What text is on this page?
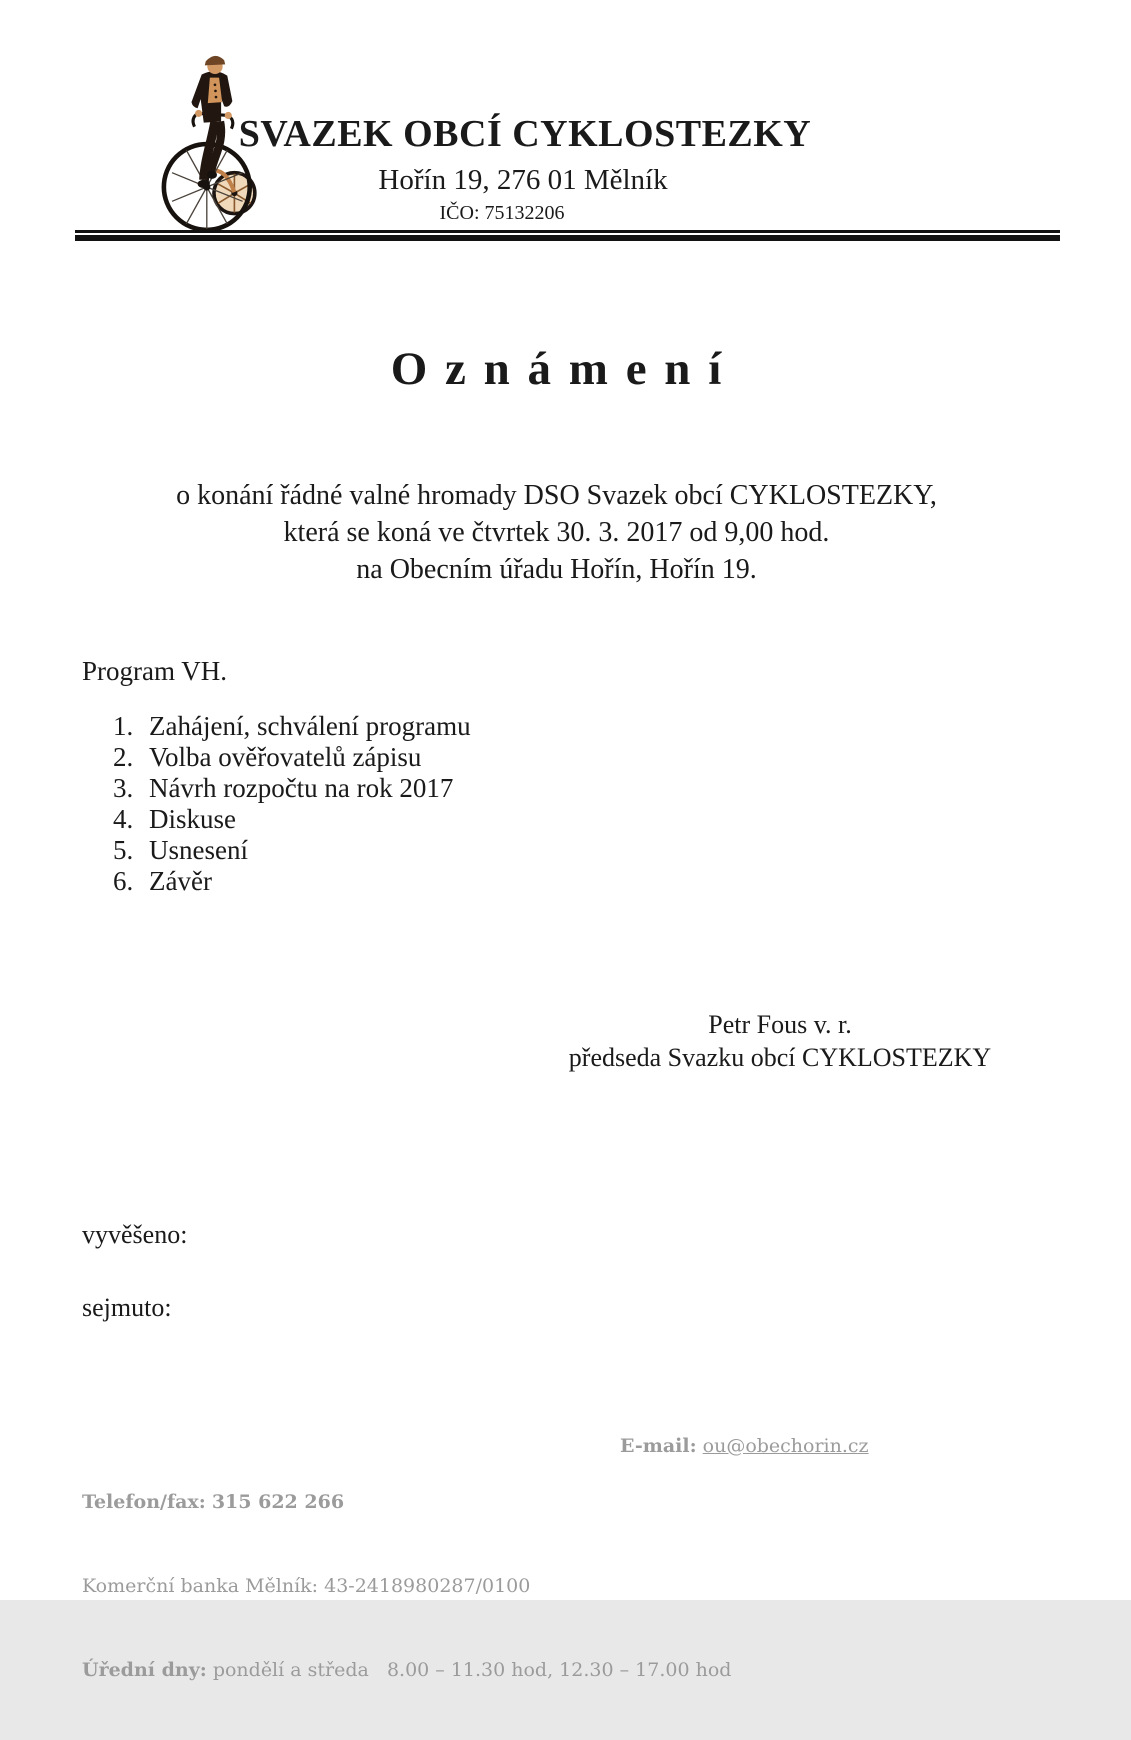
SVAZEK OBCÍ CYKLOSTEZKY
Hořín 19, 276 01 Mělník
IČO: 75132206
O z n á m e n í
o konání řádné valné hromady DSO Svazek obcí CYKLOSTEZKY,
která se koná ve čtvrtek 30. 3. 2017 od 9,00 hod.
na Obecním úřadu Hořín, Hořín 19.
Program VH.
1. Zahájení, schválení programu
2. Volba ověřovatelů zápisu
3. Návrh rozpočtu na rok 2017
4. Diskuse
5. Usnesení
6. Závěr
Petr Fous v. r.
předseda Svazku obcí CYKLOSTEZKY
vyvěšeno:
sejmuto:

Telefon/fax: 315 622 266

Komerční banka Mělník: 43-2418980287/0100

Úřední dny: pondělí a středa   8.00 – 11.30 hod, 12.30 – 17.00 hod

E-mail: ou@obechorin.cz
